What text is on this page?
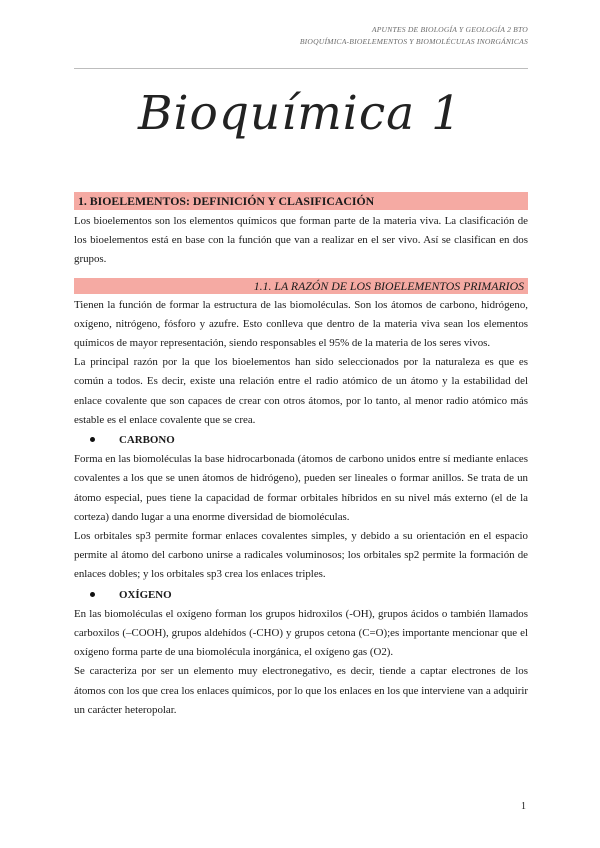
APUNTES DE BIOLOGÍA Y GEOLOGÍA 2 BTO
BIOQUÍMICA-BIOELEMENTOS Y BIOMOLÉCULAS INORGÁNICAS
Bioquímica 1
1. BIOELEMENTOS: DEFINICIÓN Y CLASIFICACIÓN

Los bioelementos son los elementos químicos que forman parte de la materia viva. La clasificación de los bioelementos está en base con la función que van a realizar en el ser vivo. Así se clasifican en dos grupos.

1.1. LA RAZÓN DE LOS BIOELEMENTOS PRIMARIOS

Tienen la función de formar la estructura de las biomoléculas. Son los átomos de carbono, hidrógeno, oxígeno, nitrógeno, fósforo y azufre. Esto conlleva que dentro de la materia viva sean los elementos químicos de mayor representación, siendo responsables el 95% de la materia de los seres vivos.

La principal razón por la que los bioelementos han sido seleccionados por la naturaleza es que es común a todos. Es decir, existe una relación entre el radio atómico de un átomo y la estabilidad del enlace covalente que son capaces de crear con otros átomos, por lo tanto, al menor radio atómico más estable es el enlace covalente que se crea.

CARBONO

Forma en las biomoléculas la base hidrocarbonada (átomos de carbono unidos entre sí mediante enlaces covalentes a los que se unen átomos de hidrógeno), pueden ser lineales o formar anillos. Se trata de un átomo especial, pues tiene la capacidad de formar orbitales híbridos en su nivel más externo (el de la corteza) dando lugar a una enorme diversidad de biomoléculas.

Los orbitales sp3 permite formar enlaces covalentes simples, y debido a su orientación en el espacio permite al átomo del carbono unirse a radicales voluminosos; los orbitales sp2 permite la formación de enlaces dobles; y los orbitales sp3 crea los enlaces triples.

OXÍGENO

En las biomoléculas el oxígeno forman los grupos hidroxilos (-OH), grupos ácidos o también llamados carboxilos (–COOH), grupos aldehídos (-CHO) y grupos cetona (C=O);es importante mencionar que el oxígeno forma parte de una biomolécula inorgánica, el oxígeno gas (O2).

Se caracteriza por ser un elemento muy electronegativo, es decir, tiende a captar electrones de los átomos con los que crea los enlaces químicos, por lo que los enlaces en los que interviene van a adquirir un carácter heteropolar.

1
